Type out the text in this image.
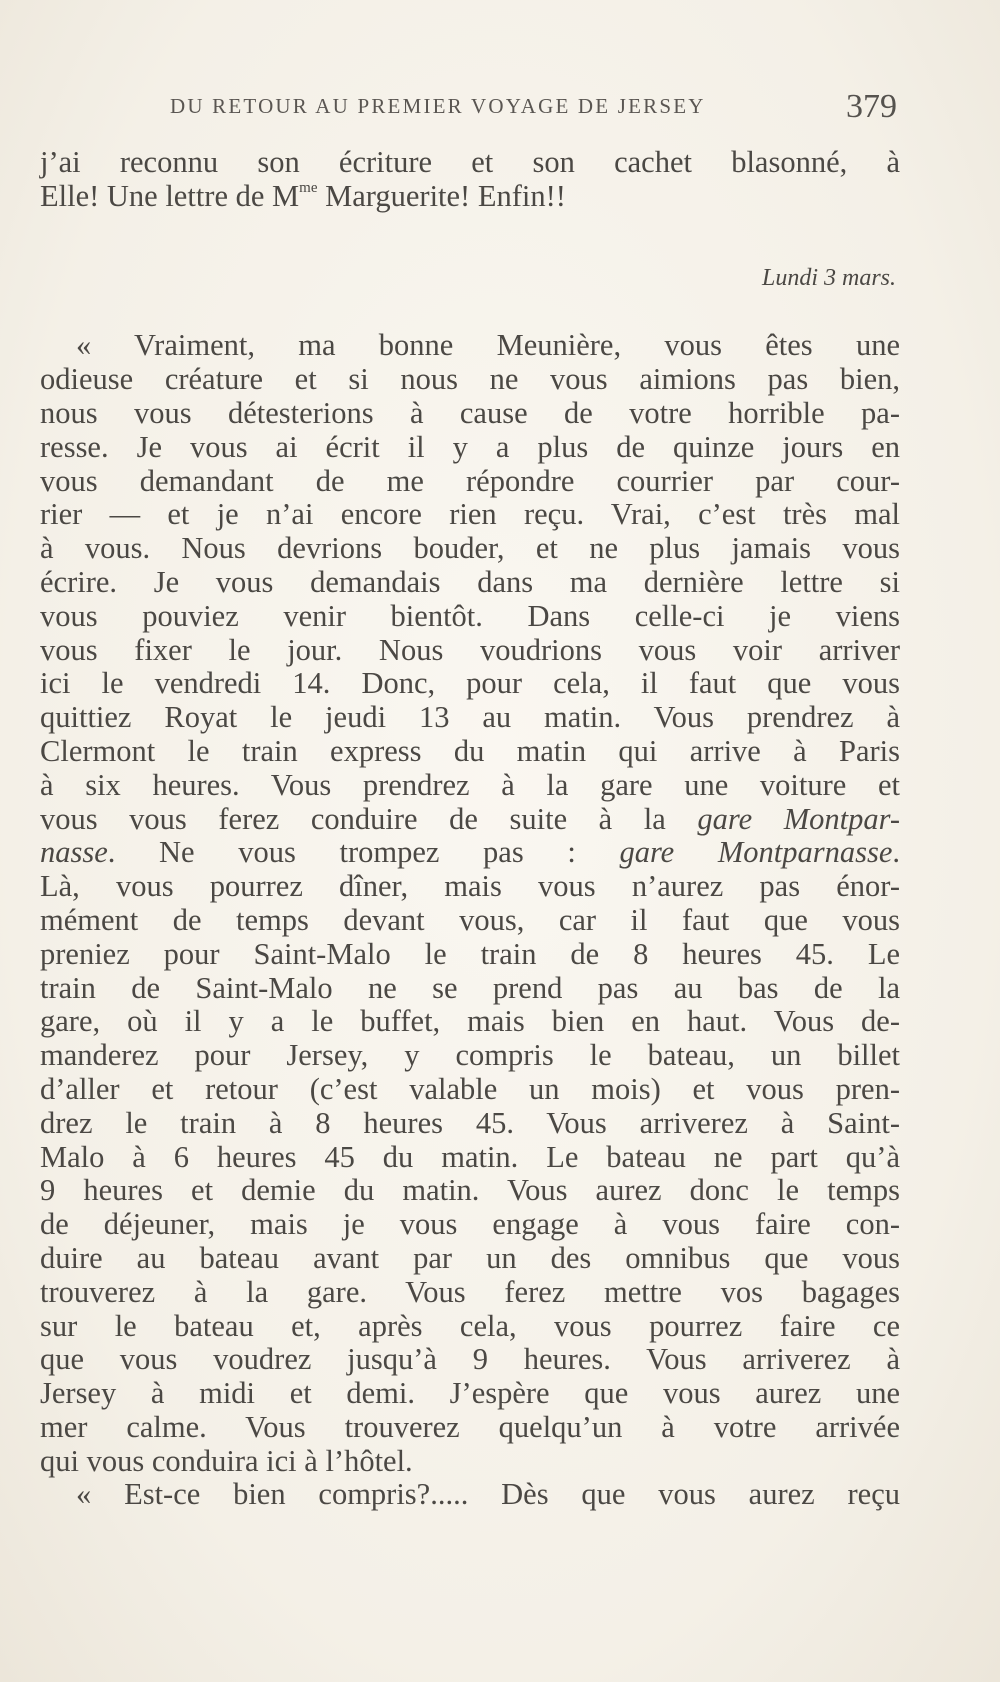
DU RETOUR AU PREMIER VOYAGE DE JERSEY	379
j’ai reconnu son écriture et son cachet blasonné, à
Elle! Une lettre de $M^{me}$ Marguerite! Enfin!!
Lundi 3 mars.
« Vraiment, ma bonne Meunière, vous êtes une
odieuse créature et si nous ne vous aimions pas bien,
nous vous détesterions à cause de votre horrible pa-
resse. Je vous ai écrit il y a plus de quinze jours en
vous demandant de me répondre courrier par cour-
rier — et je n’ai encore rien reçu. Vrai, c’est très mal
à vous. Nous devrions bouder, et ne plus jamais vous
écrire. Je vous demandais dans ma dernière lettre si
vous pouviez venir bientôt. Dans celle-ci je viens
vous fixer le jour. Nous voudrions vous voir arriver
ici le vendredi 14. Donc, pour cela, il faut que vous
quittiez Royat le jeudi 13 au matin. Vous prendrez à
Clermont le train express du matin qui arrive à Paris
à six heures. Vous prendrez à la gare une voiture et
vous vous ferez conduire de suite à la gare Montpar-
nasse. Ne vous trompez pas : gare Montparnasse.
Là, vous pourrez dîner, mais vous n’aurez pas énor-
mément de temps devant vous, car il faut que vous
preniez pour Saint-Malo le train de 8 heures 45. Le
train de Saint-Malo ne se prend pas au bas de la
gare, où il y a le buffet, mais bien en haut. Vous de-
manderez pour Jersey, y compris le bateau, un billet
d’aller et retour (c’est valable un mois) et vous pren-
drez le train à 8 heures 45. Vous arriverez à Saint-
Malo à 6 heures 45 du matin. Le bateau ne part qu’à
9 heures et demie du matin. Vous aurez donc le temps
de déjeuner, mais je vous engage à vous faire con-
duire au bateau avant par un des omnibus que vous
trouverez à la gare. Vous ferez mettre vos bagages
sur le bateau et, après cela, vous pourrez faire ce
que vous voudrez jusqu’à 9 heures. Vous arriverez à
Jersey à midi et demi. J’espère que vous aurez une
mer calme. Vous trouverez quelqu’un à votre arrivée
qui vous conduira ici à l’hôtel.
« Est-ce bien compris?..... Dès que vous aurez reçu
